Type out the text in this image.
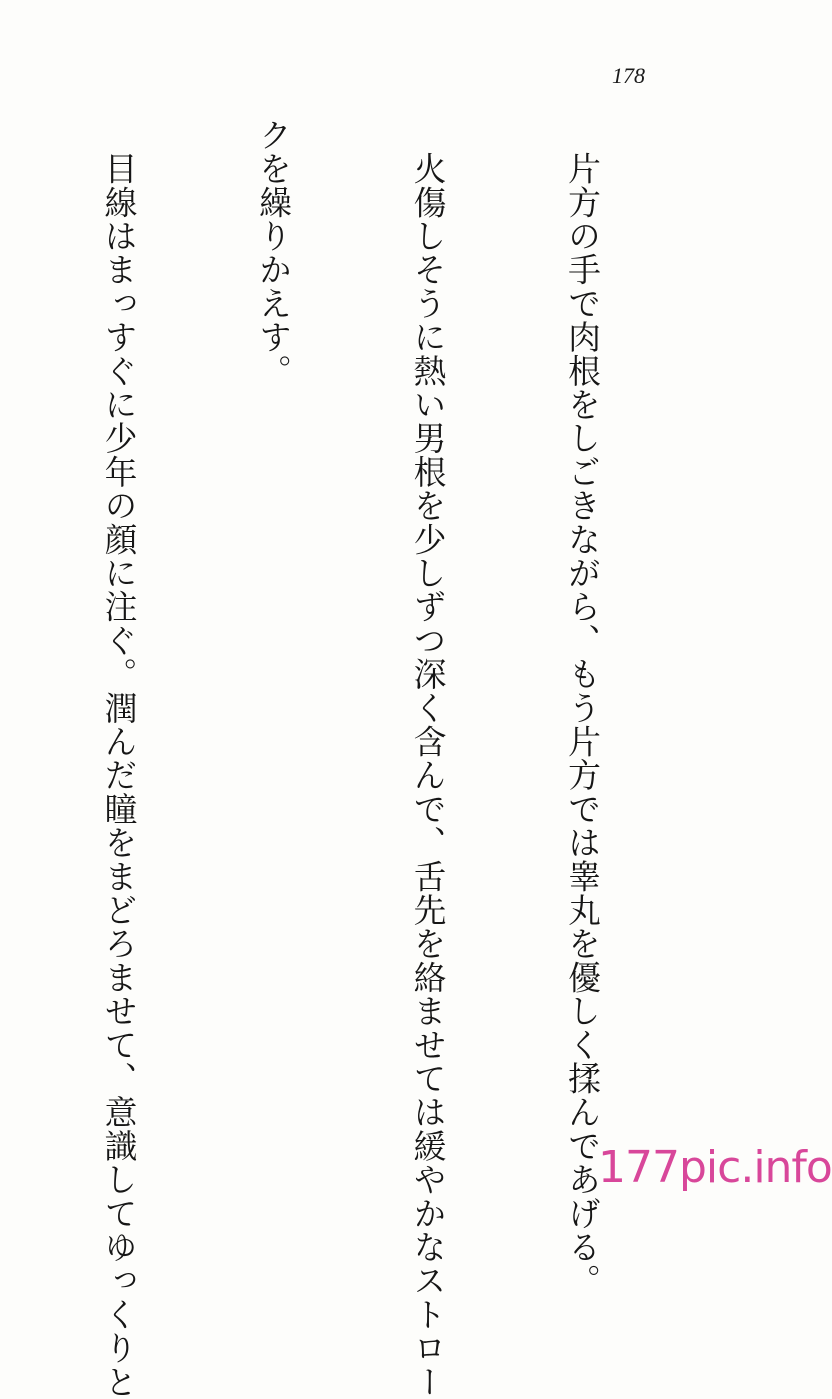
178

　片方の手で肉根をしごきながら、もう片方では睾丸を優しく揉んであげる。

　火傷しそうに熱い男根を少しずつ深く含んで、舌先を絡ませては緩やかなストロー

クを繰りかえす。

　目線はまっすぐに少年の顔に注ぐ。潤んだ瞳をまどろませて、意識してゆっくりと

	177pic.info
